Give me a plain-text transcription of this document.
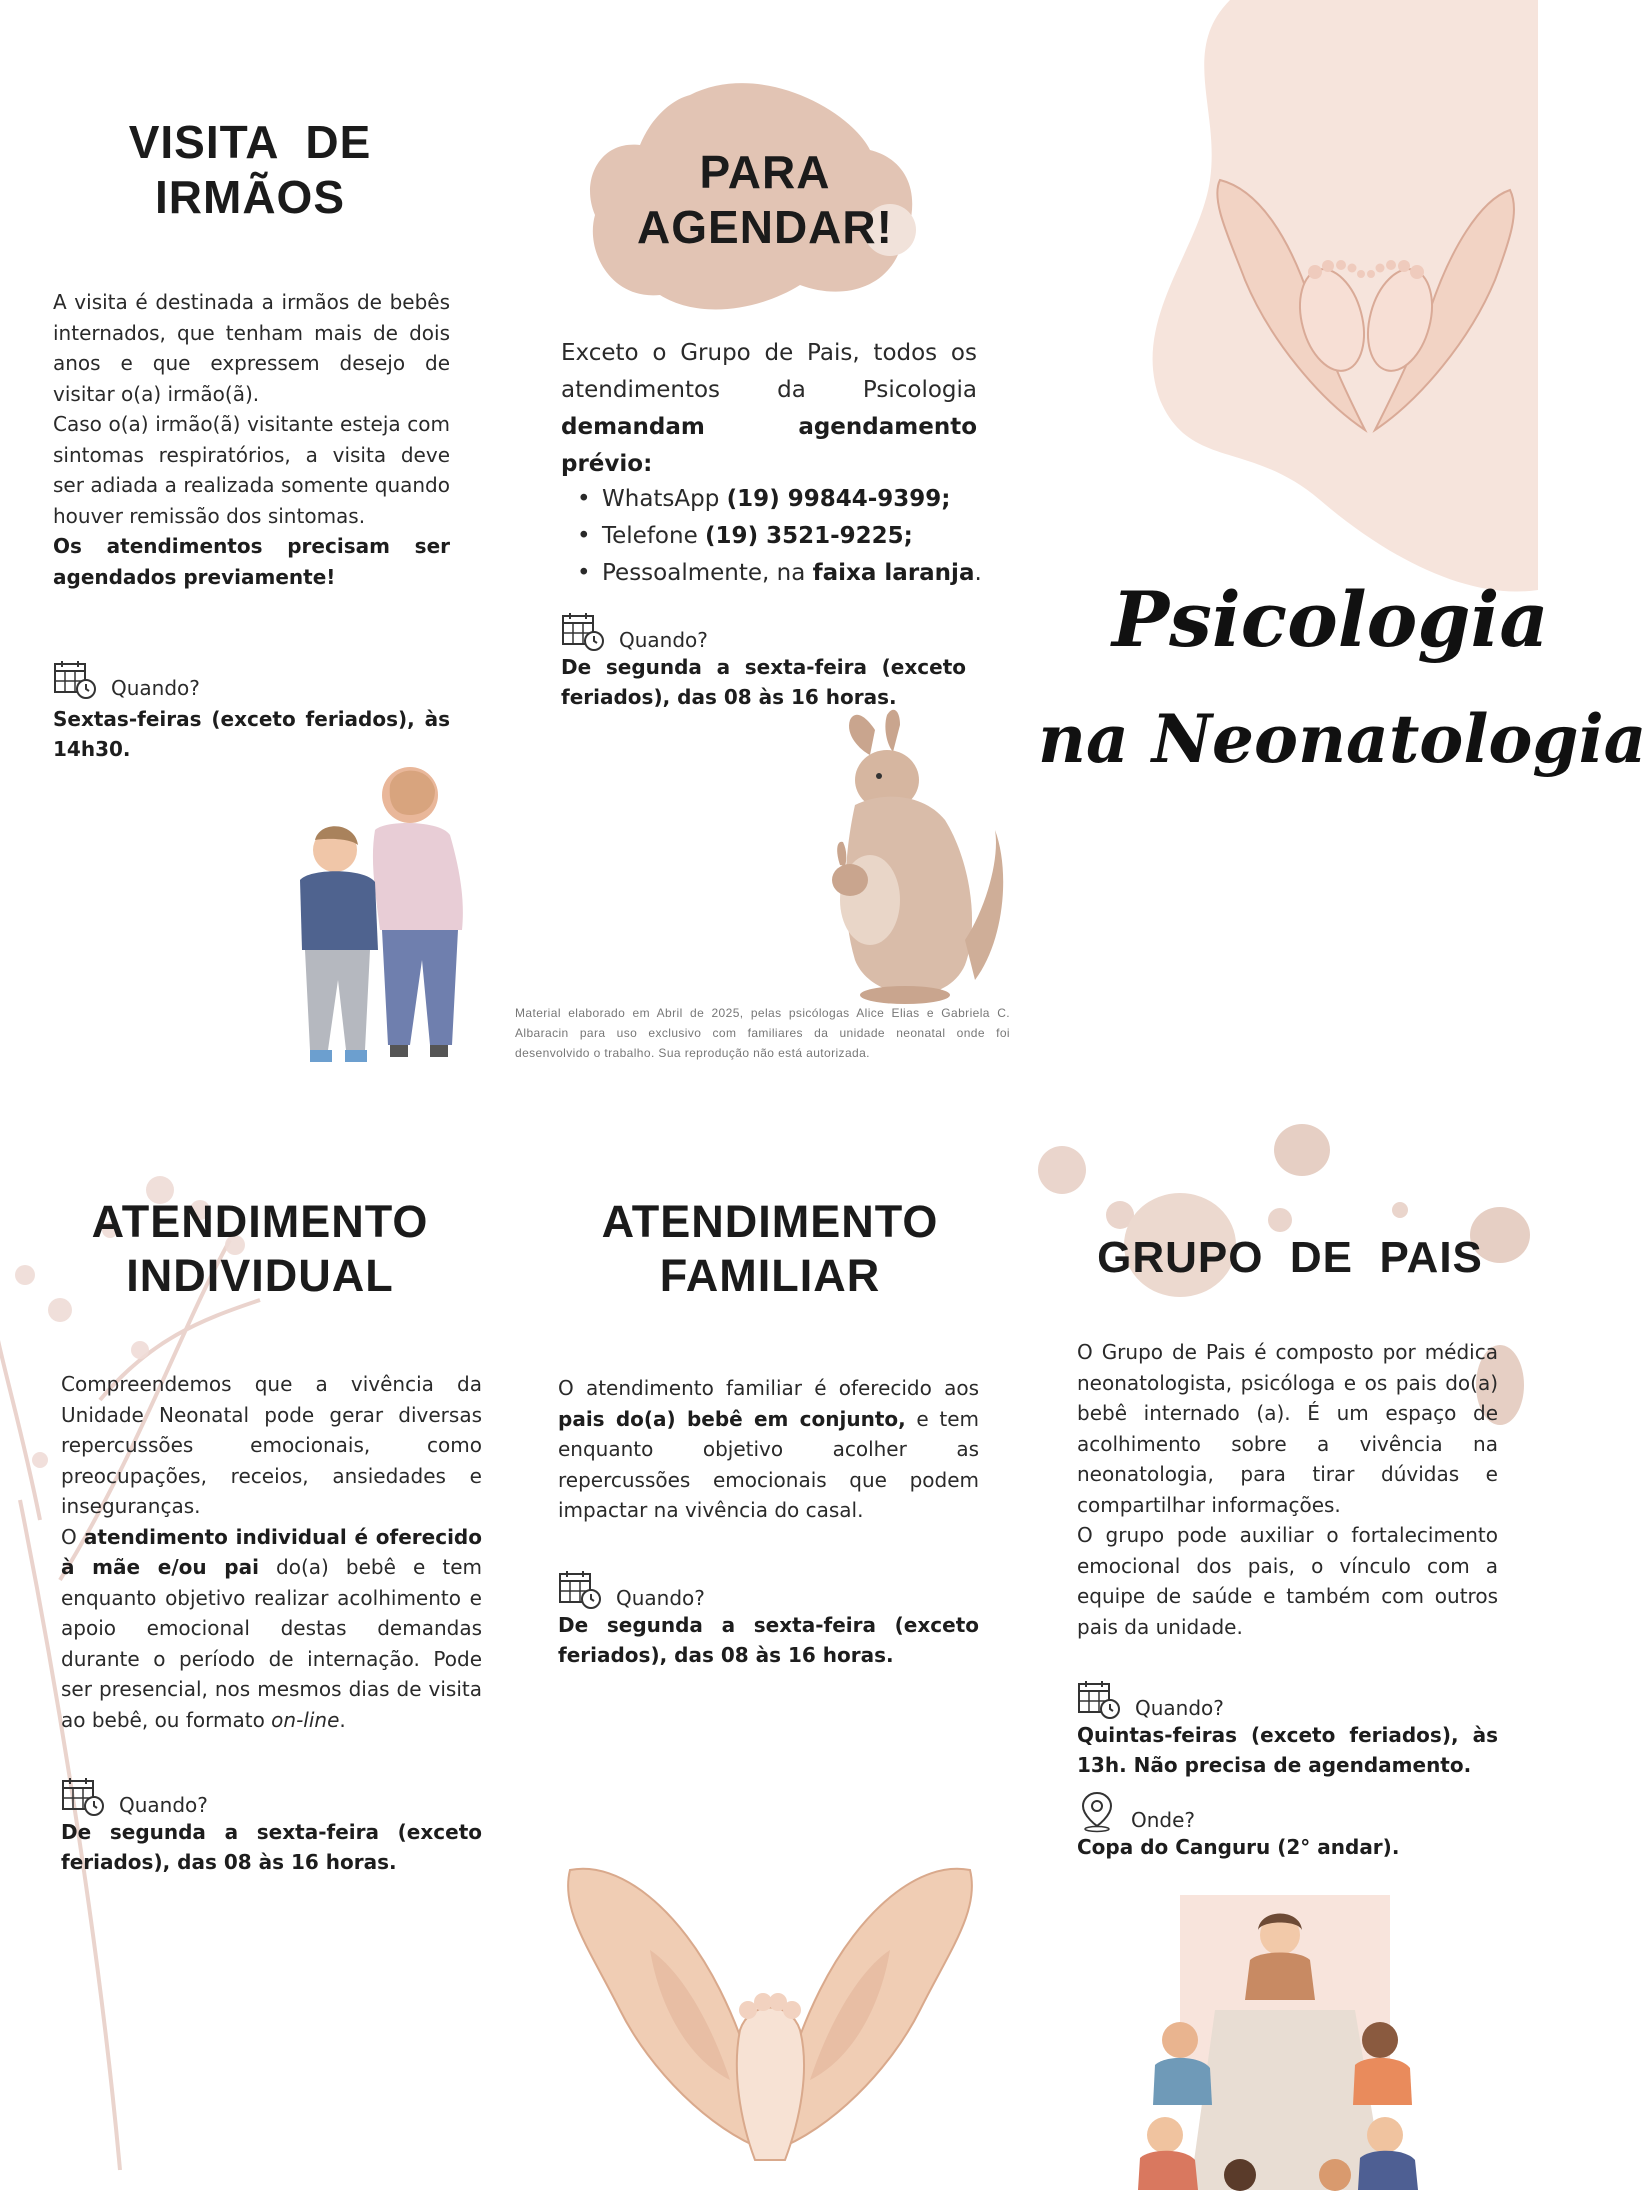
VISITA  DE
IRMÃOS

A visita é destinada a irmãos de bebês internados, que tenham mais de dois anos e que expressem desejo de visitar o(a) irmão(ã).

Caso o(a) irmão(ã) visitante esteja com sintomas respiratórios, a visita deve ser adiada a realizada somente quando houver remissão dos sintomas.

Os atendimentos precisam ser agendados previamente!

Quando?

Sextas-feiras (exceto feriados), às 14h30.

PARA
AGENDAR!

Exceto o Grupo de Pais, todos os atendimentos da Psicologia

demandam agendamento prévio:

• WhatsApp (19) 99844-9399;
• Telefone (19) 3521-9225;
• Pessoalmente, na faixa laranja.
Quando?

De segunda a sexta-feira (exceto feriados), das 08 às 16 horas.

Material elaborado em Abril de 2025, pelas psicólogas Alice Elias e Gabriela C. Albaracin para uso exclusivo com familiares da unidade neonatal onde foi desenvolvido o trabalho. Sua reprodução não está autorizada.

Psicologia
na Neonatologia
ATENDIMENTO
INDIVIDUAL

Compreendemos que a vivência da Unidade Neonatal pode gerar diversas repercussões emocionais, como preocupações, receios, ansiedades e inseguranças.

O atendimento individual é oferecido à mãe e/ou pai do(a) bebê e tem enquanto objetivo realizar acolhimento e apoio emocional destas demandas durante o período de internação. Pode ser presencial, nos mesmos dias de visita ao bebê, ou formato on-line.

Quando?

De segunda a sexta-feira (exceto feriados), das 08 às 16 horas.

ATENDIMENTO
FAMILIAR

O atendimento familiar é oferecido aos pais do(a) bebê em conjunto, e tem enquanto objetivo acolher as repercussões emocionais que podem impactar na vivência do casal.

Quando?

De segunda a sexta-feira (exceto feriados), das 08 às 16 horas.

GRUPO  DE  PAIS

O Grupo de Pais é composto por médica neonatologista, psicóloga e os pais do(a) bebê internado (a). É um espaço de acolhimento sobre a vivência na neonatologia, para tirar dúvidas e compartilhar informações.

O grupo pode auxiliar o fortalecimento emocional dos pais, o vínculo com a equipe de saúde e também com outros pais da unidade.

Quando?

Quintas-feiras (exceto feriados), às 13h. Não precisa de agendamento.

Onde?

Copa do Canguru (2° andar).
